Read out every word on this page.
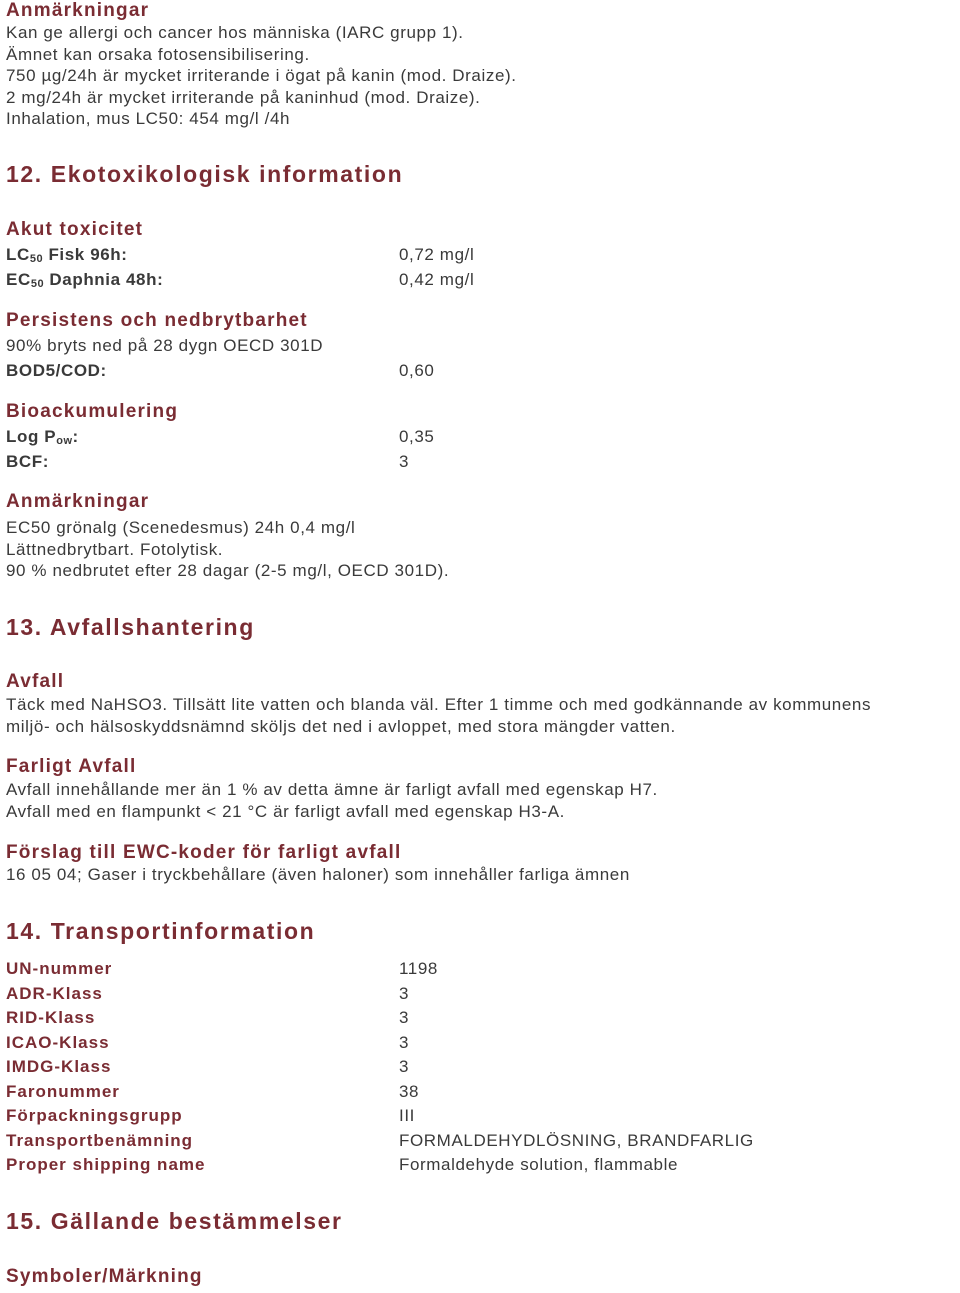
Anmärkningar
Kan ge allergi och cancer hos människa (IARC grupp 1).
Ämnet kan orsaka fotosensibilisering.
750 µg/24h är mycket irriterande i ögat på kanin (mod. Draize).
2 mg/24h är mycket irriterande på kaninhud (mod. Draize).
Inhalation, mus LC50: 454 mg/l /4h
12. Ekotoxikologisk information
Akut toxicitet
$LC_{50}$ Fisk 96h:	0,72 mg/l
$EC_{50}$ Daphnia 48h:	0,42 mg/l
Persistens och nedbrytbarhet
90% bryts ned på 28 dygn OECD 301D
BOD5/COD:	0,60
Bioackumulering
Log $P_{ow}$:	0,35
BCF:	3
Anmärkningar
EC50 grönalg (Scenedesmus) 24h 0,4 mg/l
Lättnedbrytbart. Fotolytisk.
90 % nedbrutet efter 28 dagar (2-5 mg/l, OECD 301D).
13. Avfallshantering
Avfall
Täck med NaHSO3. Tillsätt lite vatten och blanda väl. Efter 1 timme och med godkännande av kommunens
miljö- och hälsoskyddsnämnd sköljs det ned i avloppet, med stora mängder vatten.
Farligt Avfall
Avfall innehållande mer än 1 % av detta ämne är farligt avfall med egenskap H7.
Avfall med en flampunkt < 21 °C är farligt avfall med egenskap H3-A.
Förslag till EWC-koder för farligt avfall
16 05 04; Gaser i tryckbehållare (även haloner) som innehåller farliga ämnen
14. Transportinformation
UN-nummer	1198
ADR-Klass	3
RID-Klass	3
ICAO-Klass	3
IMDG-Klass	3
Faronummer	38
Förpackningsgrupp	III
Transportbenämning	FORMALDEHYDLÖSNING, BRANDFARLIG
Proper shipping name	Formaldehyde solution, flammable
15. Gällande bestämmelser
Symboler/Märkning
